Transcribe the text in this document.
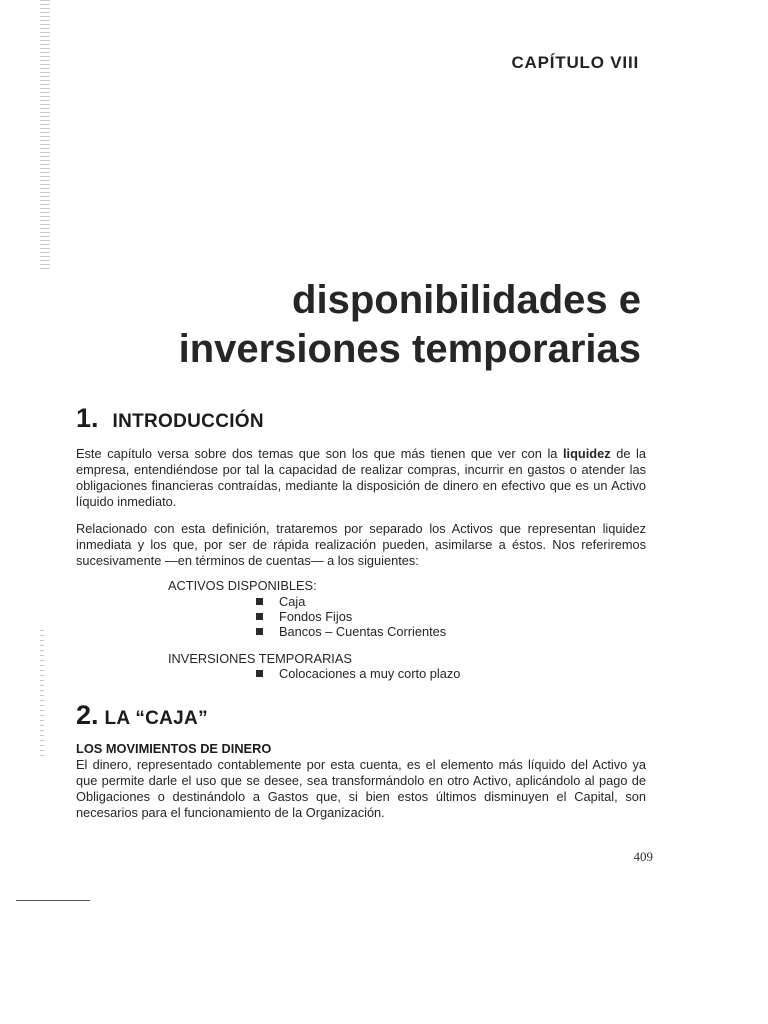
CAPÍTULO VIII
disponibilidades e
inversiones temporarias
1. INTRODUCCIÓN
Este capítulo versa sobre dos temas que son los que más tienen que ver con la liquidez de la empresa, entendiéndose por tal la capacidad de realizar compras, incurrir en gastos o atender las obligaciones financieras contraídas, mediante la disposición de dinero en efectivo que es un Activo líquido inmediato.
Relacionado con esta definición, trataremos por separado los Activos que representan liquidez inmediata y los que, por ser de rápida realización pueden, asimilarse a éstos. Nos referiremos sucesivamente —en términos de cuentas— a los siguientes:
ACTIVOS DISPONIBLES:
Caja
Fondos Fijos
Bancos – Cuentas Corrientes
INVERSIONES TEMPORARIAS
Colocaciones a muy corto plazo
2. LA “CAJA”
LOS MOVIMIENTOS DE DINERO
El dinero, representado contablemente por esta cuenta, es el elemento más líquido del Activo ya que permite darle el uso que se desee, sea transformándolo en otro Activo, aplicándolo al pago de Obligaciones o destinándolo a Gastos que, si bien estos últimos disminuyen el Capital, son necesarios para el funcionamiento de la Organización.
409
